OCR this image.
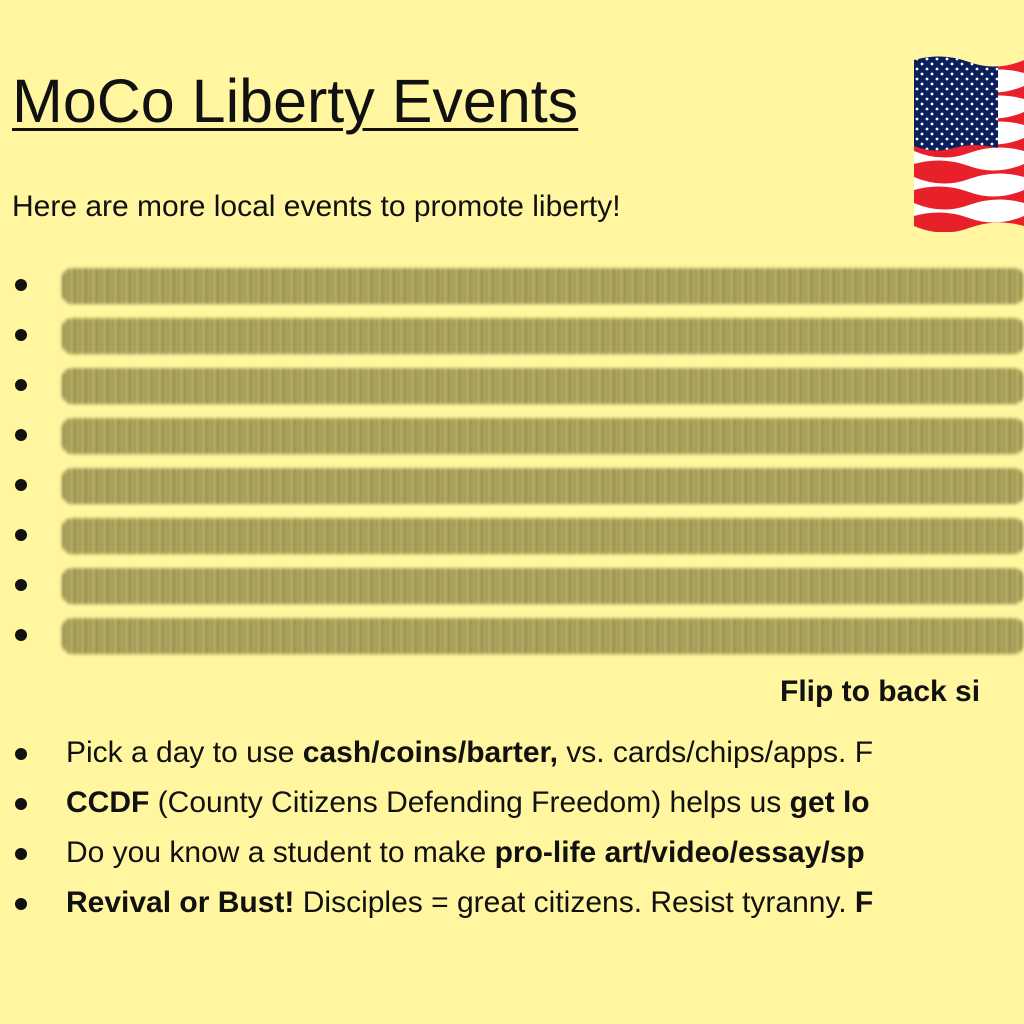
MoCo Liberty Events

Here are more local events to promote liberty!

Flip to back si

Pick a day to use cash/coins/barter, vs. cards/chips/apps. F
CCDF (County Citizens Defending Freedom) helps us get lo
Do you know a student to make pro-life art/video/essay/sp
Revival or Bust! Disciples = great citizens. Resist tyranny. F
